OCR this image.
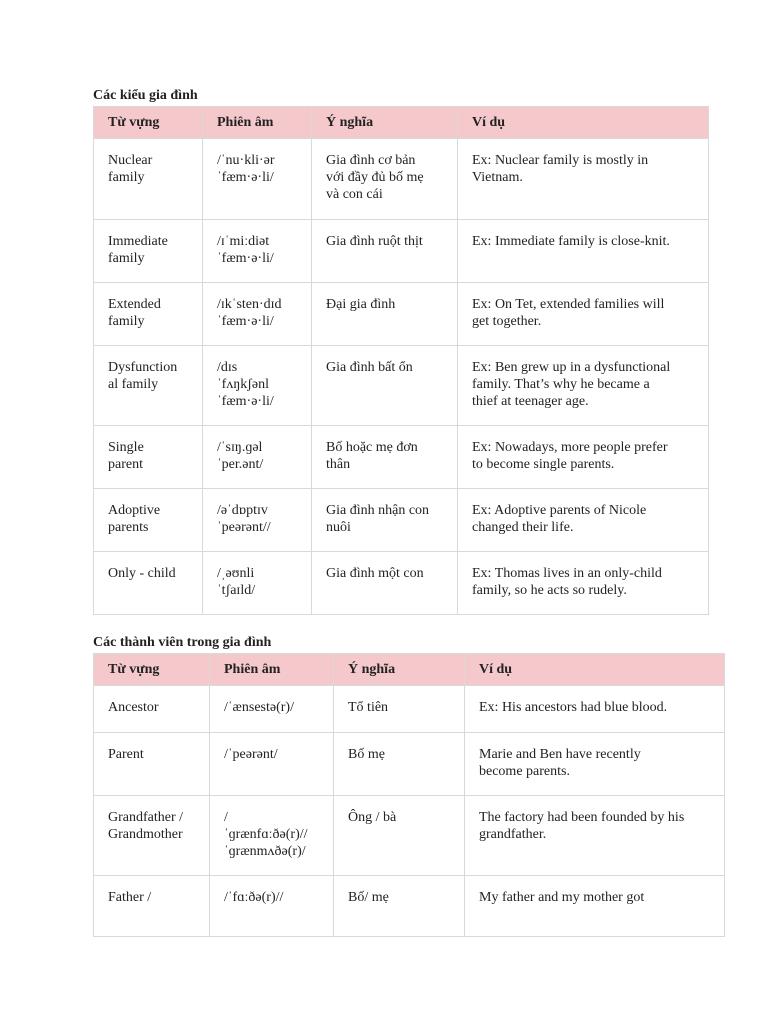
Các kiểu gia đình
Từ vựng	Phiên âm	Ý nghĩa	Ví dụ

Nuclear
family	/ˈnu·kli·ər
ˈfæm·ə·li/	Gia đình cơ bản
với đầy đủ bố mẹ
và con cái	Ex: Nuclear family is mostly in
Vietnam.

Immediate
family	/ɪˈmiːdiət
ˈfæm·ə·li/	Gia đình ruột thịt	Ex: Immediate family is close-knit.

Extended
family	/ɪkˈsten·dɪd
ˈfæm·ə·li/	Đại gia đình	Ex: On Tet, extended families will
get together.

Dysfunction
al family	/dɪs
ˈfʌŋkʃənl
ˈfæm·ə·li/	Gia đình bất ổn	Ex: Ben grew up in a dysfunctional
family. That’s why he became a
thief at teenager age.

Single
parent	/ˈsɪŋ.ɡəl
ˈper.ənt/	Bố hoặc mẹ đơn
thân	Ex: Nowadays, more people prefer
to become single parents.

Adoptive
parents	/əˈdɒptɪv
ˈpeərənt//	Gia đình nhận con
nuôi	Ex: Adoptive parents of Nicole
changed their life.

Only - child	/ˌəʊnli
ˈtʃaɪld/	Gia đình một con	Ex: Thomas lives in an only-child
family, so he acts so rudely.
Các thành viên trong gia đình
Từ vựng	Phiên âm	Ý nghĩa	Ví dụ

Ancestor	/ˈænsestə(r)/	Tổ tiên	Ex: His ancestors had blue blood.

Parent	/ˈpeərənt/	Bố mẹ	Marie and Ben have recently
become parents.

Grandfather /
Grandmother	/
ˈɡrænfɑːðə(r)//
ˈɡrænmʌðə(r)/	Ông / bà	The factory had been founded by his
grandfather.

Father /	/ˈfɑːðə(r)//	Bố/ mẹ	My father and my mother got
